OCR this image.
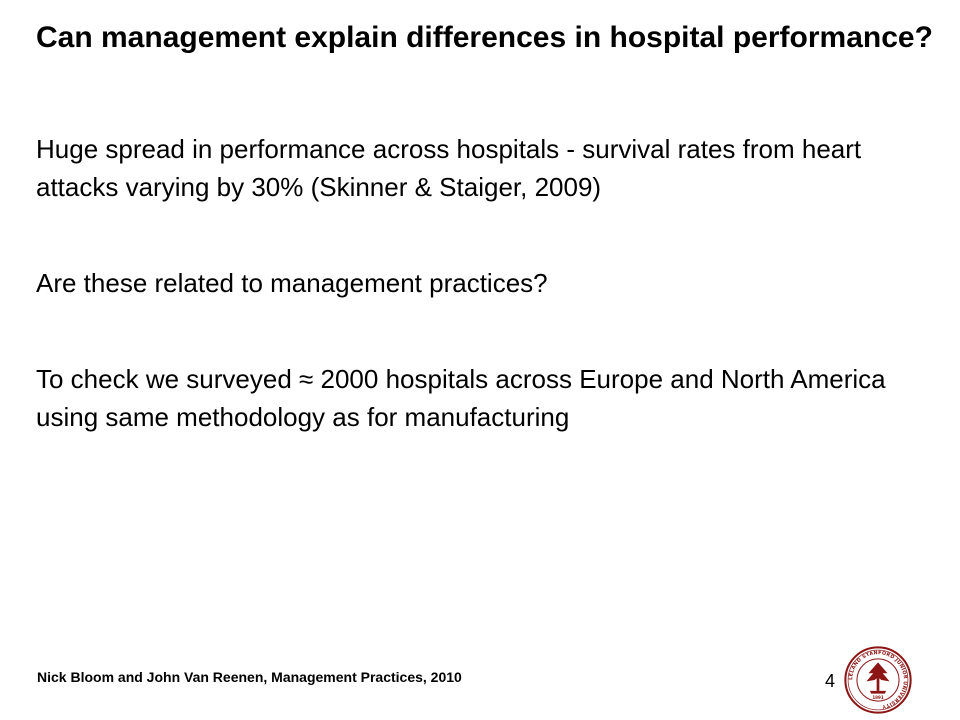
Can management explain differences in hospital performance?

Huge spread in performance across hospitals - survival rates from heart attacks varying by 30% (Skinner & Staiger, 2009)

Are these related to management practices?

To check we surveyed ≈ 2000 hospitals across Europe and North America using same methodology as for manufacturing

Nick Bloom and John Van Reenen, Management Practices, 2010	4 LELAND STANFORD JUNIOR UNIVERSITY
1891
